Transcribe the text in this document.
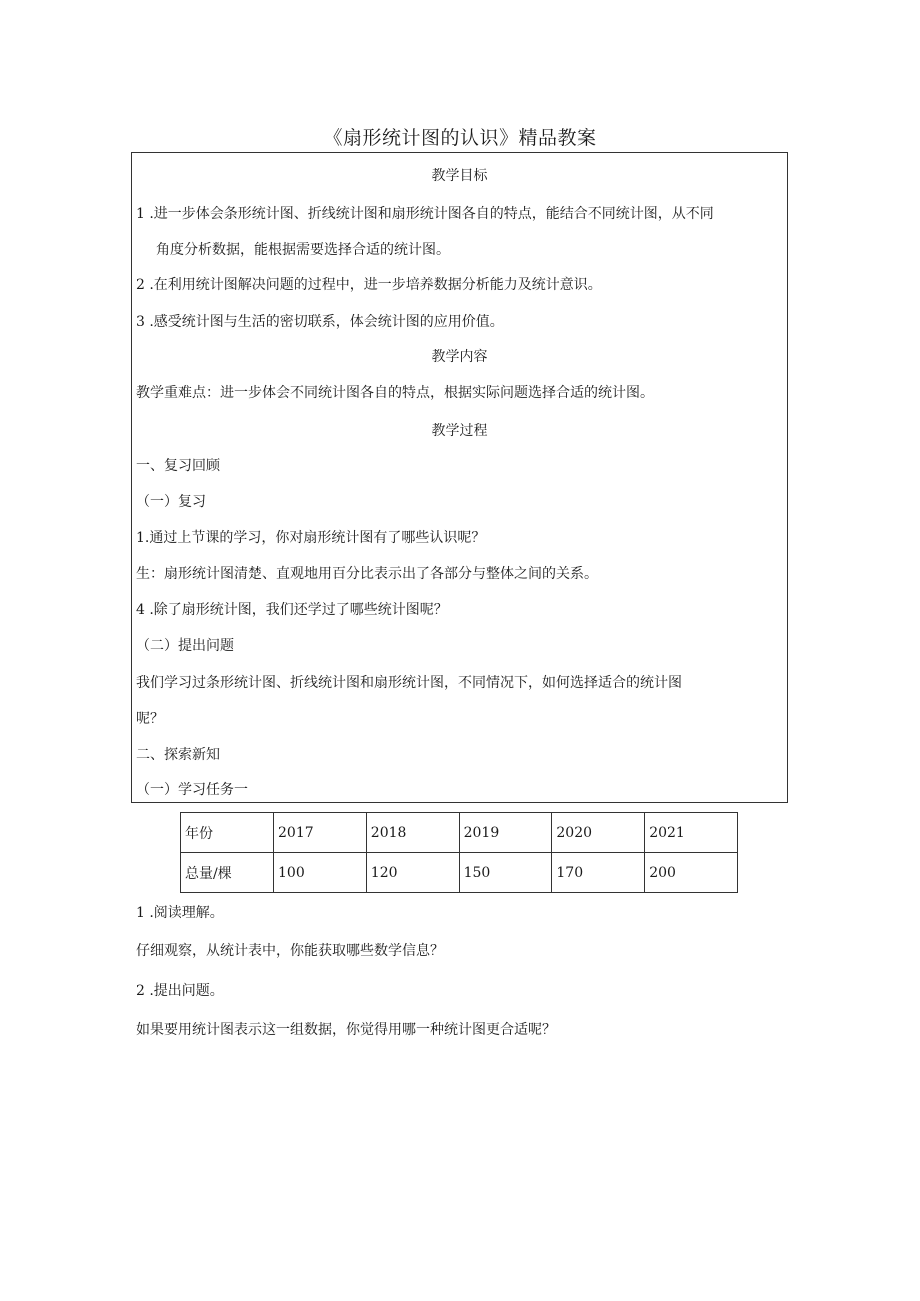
《扇形统计图的认识》精品教案
教学目标
1 .进一步体会条形统计图、折线统计图和扇形统计图各自的特点，能结合不同统计图，从不同
角度分析数据，能根据需要选择合适的统计图。
2 .在利用统计图解决问题的过程中，进一步培养数据分析能力及统计意识。
3 .感受统计图与生活的密切联系，体会统计图的应用价值。
教学内容
教学重难点：进一步体会不同统计图各自的特点，根据实际问题选择合适的统计图。
教学过程
一、复习回顾
（一）复习
1.通过上节课的学习，你对扇形统计图有了哪些认识呢？
生：扇形统计图清楚、直观地用百分比表示出了各部分与整体之间的关系。
4 .除了扇形统计图，我们还学过了哪些统计图呢？
（二）提出问题
我们学习过条形统计图、折线统计图和扇形统计图，不同情况下，如何选择适合的统计图
呢？
二、探索新知
（一）学习任务一
年份	2017	2018	2019	2020	2021
总量/棵	100	120	150	170	200
1 .阅读理解。
仔细观察，从统计表中，你能获取哪些数学信息？
2 .提出问题。
如果要用统计图表示这一组数据，你觉得用哪一种统计图更合适呢？
